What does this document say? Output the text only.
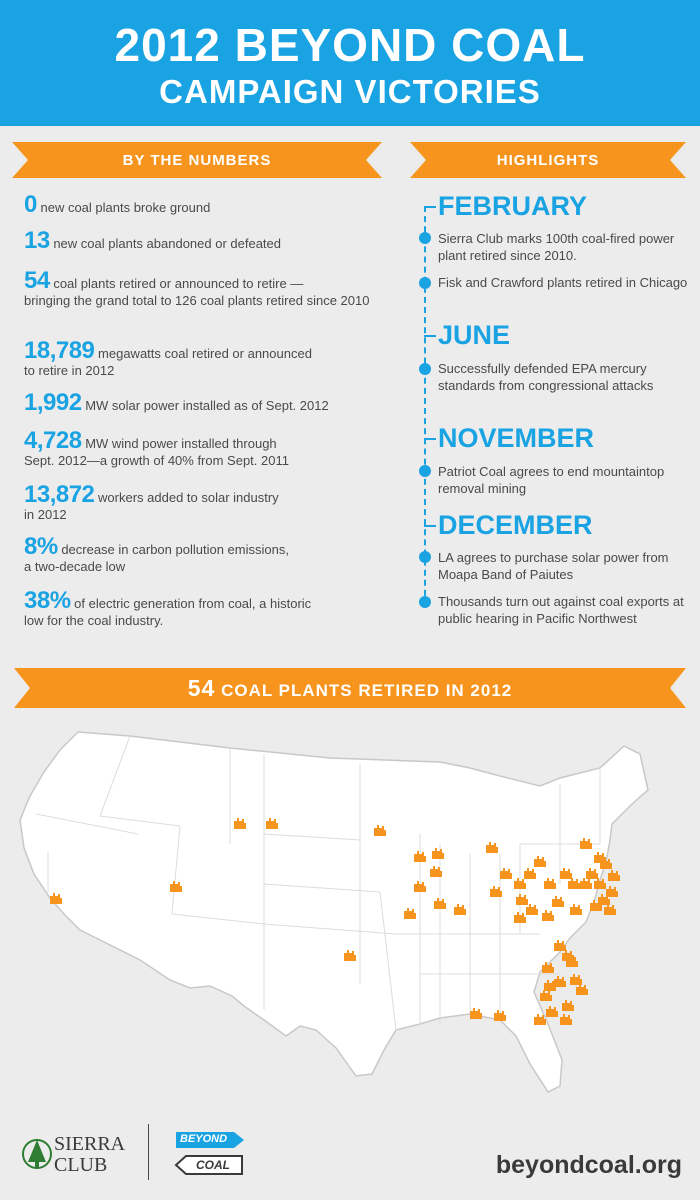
2012 BEYOND COAL
CAMPAIGN VICTORIES
BY THE NUMBERS	HIGHLIGHTS
0 new coal plants broke ground
13 new coal plants abandoned or defeated
54 coal plants retired or announced to retire —
bringing the grand total to 126 coal plants retired since 2010
18,789 megawatts coal retired or announced
to retire in 2012
1,992 MW solar power installed as of Sept. 2012
4,728 MW wind power installed through
Sept. 2012—a growth of 40% from Sept. 2011
13,872 workers added to solar industry
in 2012
8% decrease in carbon pollution emissions,
a two-decade low
38% of electric generation from coal, a historic
low for the coal industry.
FEBRUARY
Sierra Club marks 100th coal-fired power plant retired since 2010.
Fisk and Crawford plants retired in Chicago
JUNE
Successfully defended EPA mercury standards from congressional attacks
NOVEMBER
Patriot Coal agrees to end mountaintop removal mining
DECEMBER
LA agrees to purchase solar power from Moapa Band of Paiutes
Thousands turn out against coal exports at public hearing in Pacific Northwest
54 COAL PLANTS RETIRED IN 2012
SIERRA
CLUB
BEYOND
COAL	beyondcoal.org
